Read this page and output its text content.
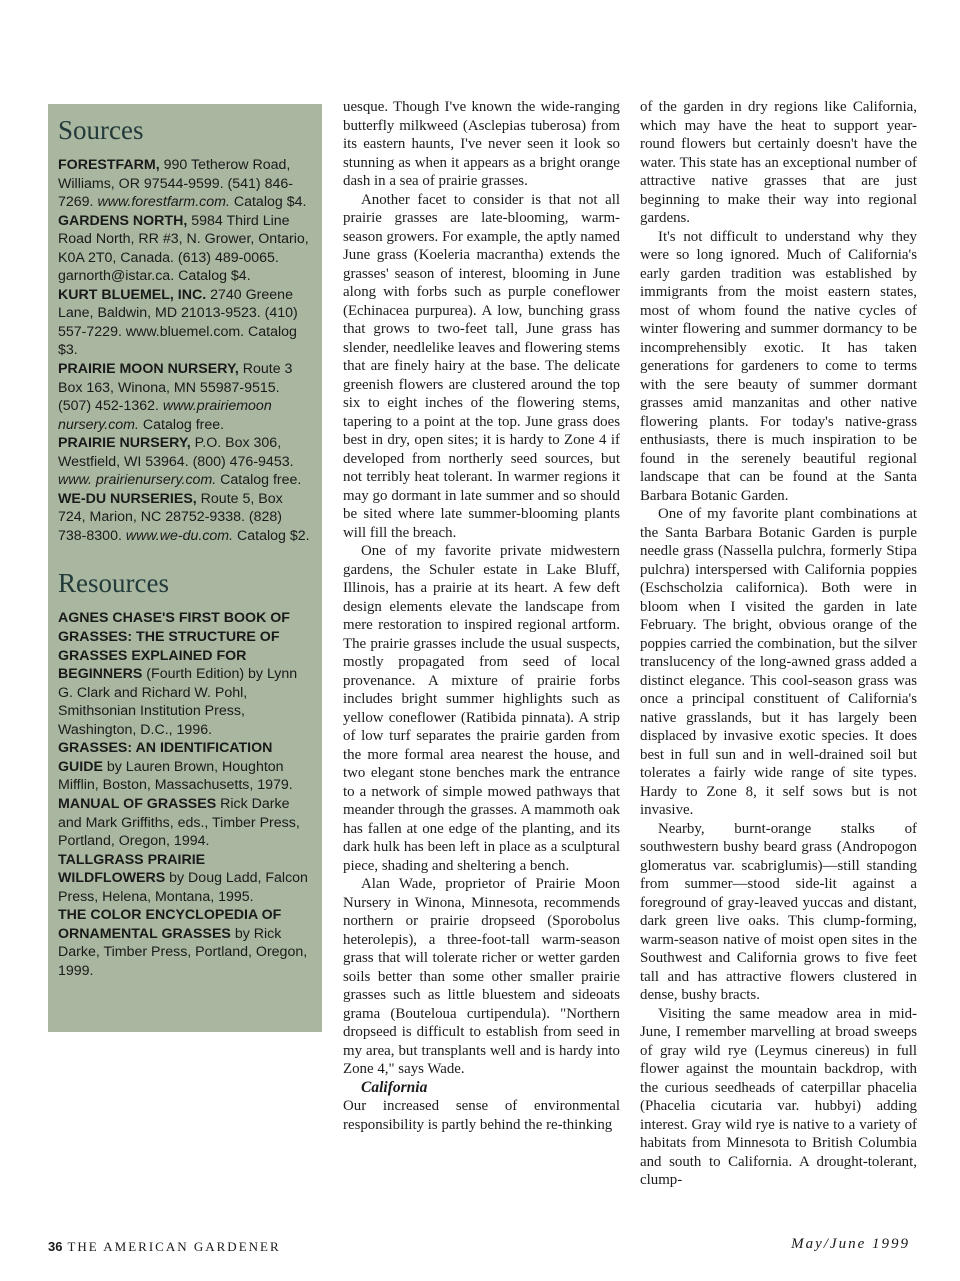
Sources

FORESTFARM, 990 Tetherow Road, Williams, OR 97544-9599. (541) 846-7269. www.forestfarm.com. Catalog $4.

GARDENS NORTH, 5984 Third Line Road North, RR #3, N. Grower, Ontario, K0A 2T0, Canada. (613) 489-0065. garnorth@istar.ca. Catalog $4.

KURT BLUEMEL, INC. 2740 Greene Lane, Baldwin, MD 21013-9523. (410) 557-7229. www.bluemel.com. Catalog $3.

PRAIRIE MOON NURSERY, Route 3 Box 163, Winona, MN 55987-9515. (507) 452-1362. www.prairiemoon nursery.com. Catalog free.

PRAIRIE NURSERY, P.O. Box 306, Westfield, WI 53964. (800) 476-9453. www. prairienursery.com. Catalog free.

WE-DU NURSERIES, Route 5, Box 724, Marion, NC 28752-9338. (828) 738-8300. www.we-du.com. Catalog $2.

Resources

AGNES CHASE'S FIRST BOOK OF GRASSES: THE STRUCTURE OF GRASSES EXPLAINED FOR BEGINNERS (Fourth Edition) by Lynn G. Clark and Richard W. Pohl, Smithsonian Institution Press, Washington, D.C., 1996.

GRASSES: AN IDENTIFICATION GUIDE by Lauren Brown, Houghton Mifflin, Boston, Massachusetts, 1979.

MANUAL OF GRASSES Rick Darke and Mark Griffiths, eds., Timber Press, Portland, Oregon, 1994.

TALLGRASS PRAIRIE WILDFLOWERS by Doug Ladd, Falcon Press, Helena, Montana, 1995.

THE COLOR ENCYCLOPEDIA OF ORNAMENTAL GRASSES by Rick Darke, Timber Press, Portland, Oregon, 1999.

uesque. Though I've known the wide-ranging butterfly milkweed (Asclepias tuberosa) from its eastern haunts, I've never seen it look so stunning as when it appears as a bright orange dash in a sea of prairie grasses.

Another facet to consider is that not all prairie grasses are late-blooming, warm-season growers. For example, the aptly named June grass (Koeleria macrantha) extends the grasses' season of interest, blooming in June along with forbs such as purple coneflower (Echinacea purpurea). A low, bunching grass that grows to two-feet tall, June grass has slender, needlelike leaves and flowering stems that are finely hairy at the base. The delicate greenish flowers are clustered around the top six to eight inches of the flowering stems, tapering to a point at the top. June grass does best in dry, open sites; it is hardy to Zone 4 if developed from northerly seed sources, but not terribly heat tolerant. In warmer regions it may go dormant in late summer and so should be sited where late summer-blooming plants will fill the breach.

One of my favorite private midwestern gardens, the Schuler estate in Lake Bluff, Illinois, has a prairie at its heart. A few deft design elements elevate the landscape from mere restoration to inspired regional artform. The prairie grasses include the usual suspects, mostly propagated from seed of local provenance. A mixture of prairie forbs includes bright summer highlights such as yellow coneflower (Ratibida pinnata). A strip of low turf separates the prairie garden from the more formal area nearest the house, and two elegant stone benches mark the entrance to a network of simple mowed pathways that meander through the grasses. A mammoth oak has fallen at one edge of the planting, and its dark hulk has been left in place as a sculptural piece, shading and sheltering a bench.

Alan Wade, proprietor of Prairie Moon Nursery in Winona, Minnesota, recommends northern or prairie dropseed (Sporobolus heterolepis), a three-foot-tall warm-season grass that will tolerate richer or wetter garden soils better than some other smaller prairie grasses such as little bluestem and sideoats grama (Bouteloua curtipendula). "Northern dropseed is difficult to establish from seed in my area, but transplants well and is hardy into Zone 4," says Wade.

California

Our increased sense of environmental responsibility is partly behind the re-thinking

of the garden in dry regions like California, which may have the heat to support year-round flowers but certainly doesn't have the water. This state has an exceptional number of attractive native grasses that are just beginning to make their way into regional gardens.

It's not difficult to understand why they were so long ignored. Much of California's early garden tradition was established by immigrants from the moist eastern states, most of whom found the native cycles of winter flowering and summer dormancy to be incomprehensibly exotic. It has taken generations for gardeners to come to terms with the sere beauty of summer dormant grasses amid manzanitas and other native flowering plants. For today's native-grass enthusiasts, there is much inspiration to be found in the serenely beautiful regional landscape that can be found at the Santa Barbara Botanic Garden.

One of my favorite plant combinations at the Santa Barbara Botanic Garden is purple needle grass (Nassella pulchra, formerly Stipa pulchra) interspersed with California poppies (Eschscholzia californica). Both were in bloom when I visited the garden in late February. The bright, obvious orange of the poppies carried the combination, but the silver translucency of the long-awned grass added a distinct elegance. This cool-season grass was once a principal constituent of California's native grasslands, but it has largely been displaced by invasive exotic species. It does best in full sun and in well-drained soil but tolerates a fairly wide range of site types. Hardy to Zone 8, it self sows but is not invasive.

Nearby, burnt-orange stalks of southwestern bushy beard grass (Andropogon glomeratus var. scabriglumis)—still standing from summer—stood side-lit against a foreground of gray-leaved yuccas and distant, dark green live oaks. This clump-forming, warm-season native of moist open sites in the Southwest and California grows to five feet tall and has attractive flowers clustered in dense, bushy bracts.

Visiting the same meadow area in mid-June, I remember marvelling at broad sweeps of gray wild rye (Leymus cinereus) in full flower against the mountain backdrop, with the curious seedheads of caterpillar phacelia (Phacelia cicutaria var. hubbyi) adding interest. Gray wild rye is native to a variety of habitats from Minnesota to British Columbia and south to California. A drought-tolerant, clump-

36 THE AMERICAN GARDENER	May/June 1999
